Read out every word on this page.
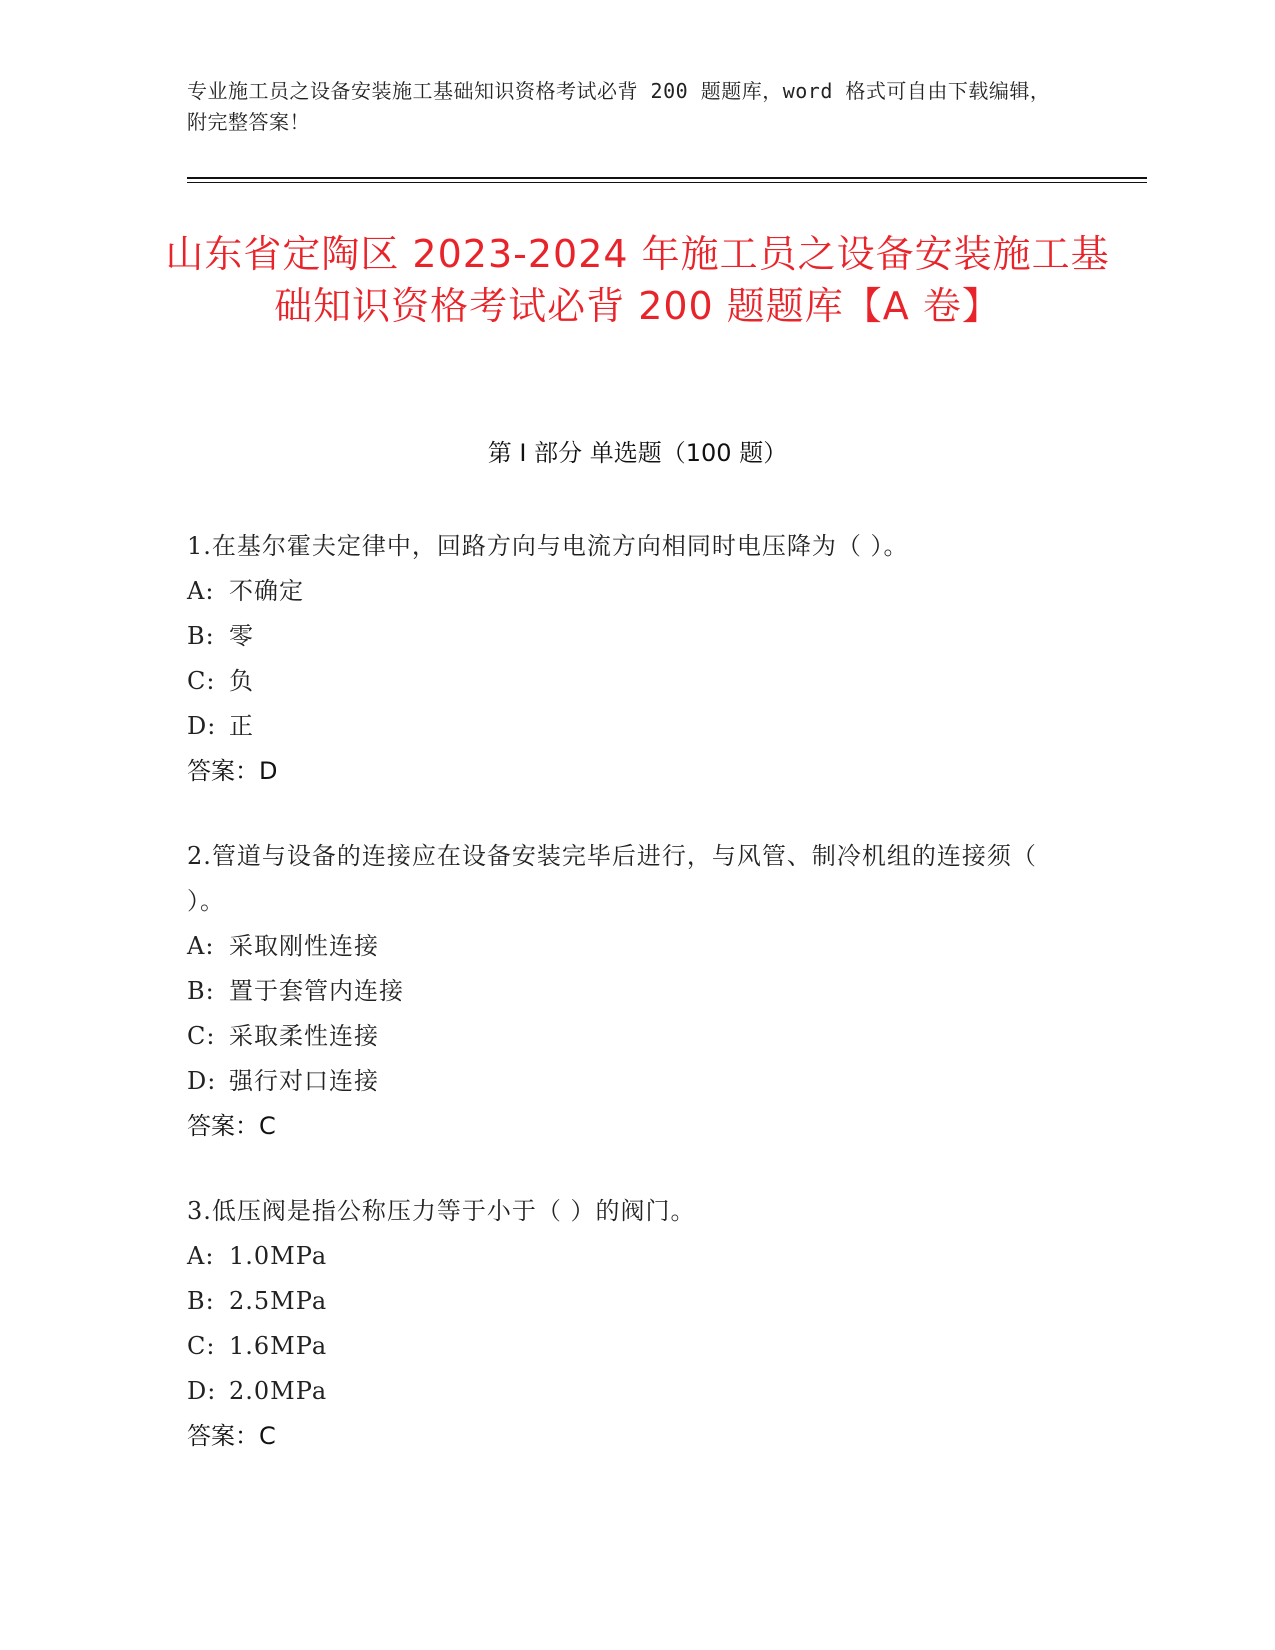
专业施工员之设备安装施工基础知识资格考试必背 200 题题库，word 格式可自由下载编辑，附完整答案！
山东省定陶区 2023-2024 年施工员之设备安装施工基础知识资格考试必背 200 题题库【A 卷】
第 I 部分 单选题（100 题）
1.在基尔霍夫定律中，回路方向与电流方向相同时电压降为（ ）。
A: 不确定
B: 零
C: 负
D: 正
答案：D
2.管道与设备的连接应在设备安装完毕后进行，与风管、制冷机组的连接须（ ）。
A: 采取刚性连接
B: 置于套管内连接
C: 采取柔性连接
D: 强行对口连接
答案：C
3.低压阀是指公称压力等于小于（ ）的阀门。
A: 1.0MPa
B: 2.5MPa
C: 1.6MPa
D: 2.0MPa
答案：C
